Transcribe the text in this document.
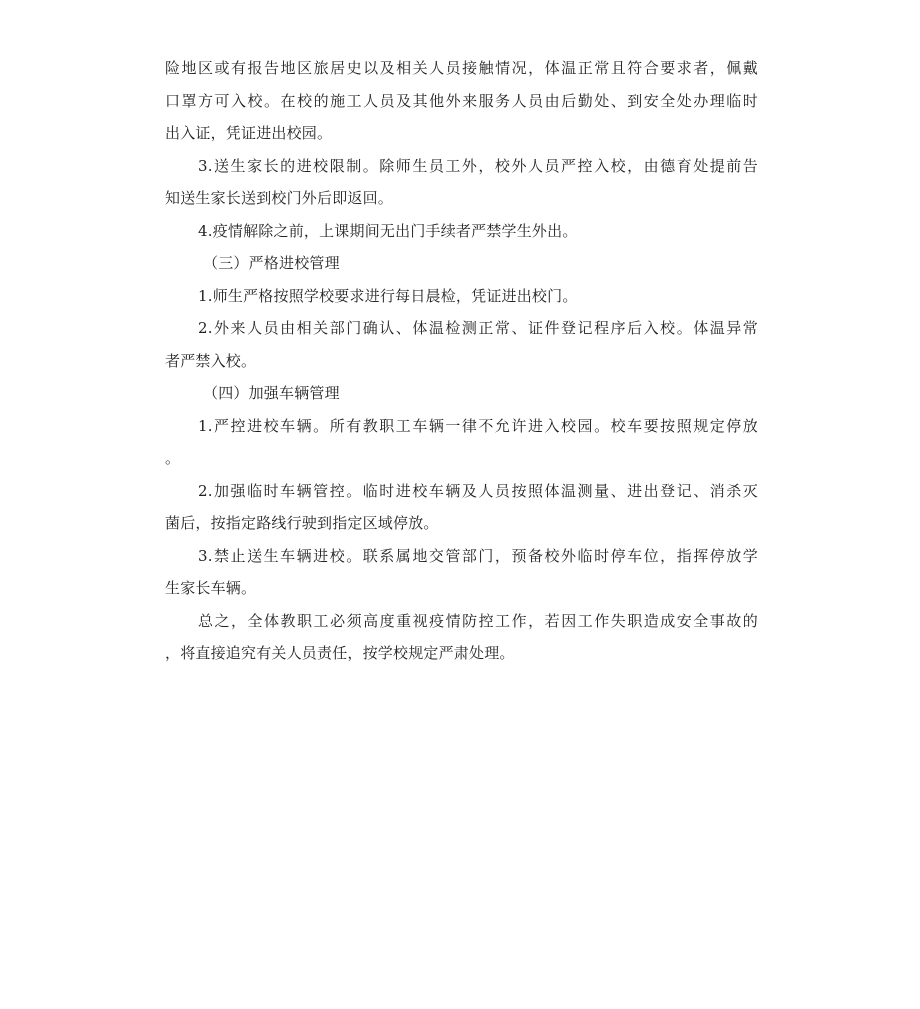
险地区或有报告地区旅居史以及相关人员接触情况，体温正常且符合要求者，佩戴
口罩方可入校。在校的施工人员及其他外来服务人员由后勤处、到安全处办理临时
出入证，凭证进出校园。
3.送生家长的进校限制。除师生员工外，校外人员严控入校，由德育处提前告
知送生家长送到校门外后即返回。
4.疫情解除之前，上课期间无出门手续者严禁学生外出。
（三）严格进校管理
1.师生严格按照学校要求进行每日晨检，凭证进出校门。
2.外来人员由相关部门确认、体温检测正常、证件登记程序后入校。体温异常
者严禁入校。
（四）加强车辆管理
1.严控进校车辆。所有教职工车辆一律不允许进入校园。校车要按照规定停放
。
2.加强临时车辆管控。临时进校车辆及人员按照体温测量、进出登记、消杀灭
菌后，按指定路线行驶到指定区域停放。
3.禁止送生车辆进校。联系属地交管部门，预备校外临时停车位，指挥停放学
生家长车辆。
总之，全体教职工必须高度重视疫情防控工作，若因工作失职造成安全事故的
，将直接追究有关人员责任，按学校规定严肃处理。
